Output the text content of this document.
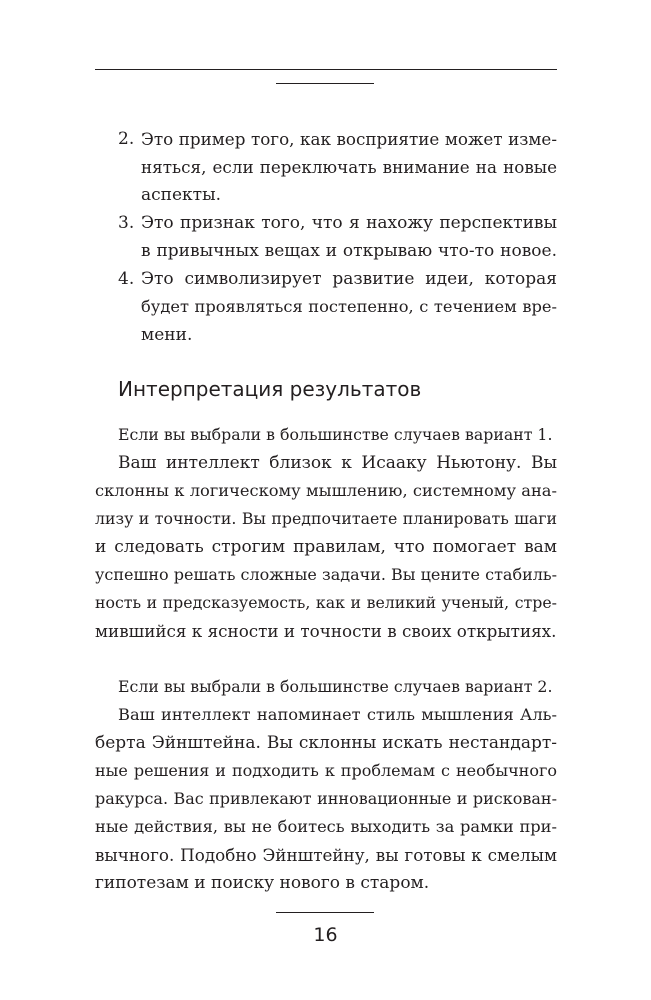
2. Это пример того, как восприятие может изме-
няться, если переключать внимание на новые
аспекты.
3. Это признак того, что я нахожу перспективы
в привычных вещах и открываю что-то новое.
4. Это символизирует развитие идеи, которая
будет проявляться постепенно, с течением вре-
мени.
Интерпретация результатов
Если вы выбрали в большинстве случаев вариант 1.
Ваш интеллект близок к Исааку Ньютону. Вы
склонны к логическому мышлению, системному ана-
лизу и точности. Вы предпочитаете планировать шаги
и следовать строгим правилам, что помогает вам
успешно решать сложные задачи. Вы цените стабиль-
ность и предсказуемость, как и великий ученый, стре-
мившийся к ясности и точности в своих открытиях.
Если вы выбрали в большинстве случаев вариант 2.
Ваш интеллект напоминает стиль мышления Аль-
берта Эйнштейна. Вы склонны искать нестандарт-
ные решения и подходить к проблемам с необычного
ракурса. Вас привлекают инновационные и рискован-
ные действия, вы не боитесь выходить за рамки при-
вычного. Подобно Эйнштейну, вы готовы к смелым
гипотезам и поиску нового в старом.
16
